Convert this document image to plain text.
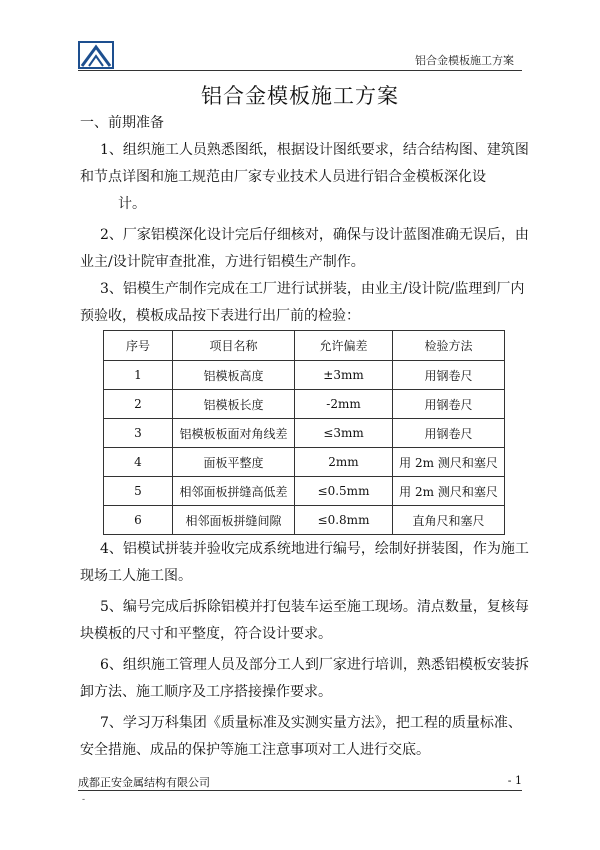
铝合金模板施工方案
铝合金模板施工方案
一、前期准备
1、组织施工人员熟悉图纸，根据设计图纸要求，结合结构图、建筑图
和节点详图和施工规范由厂家专业技术人员进行铝合金模板深化设
计。
2、厂家铝模深化设计完后仔细核对，确保与设计蓝图准确无误后，由
业主/设计院审查批准，方进行铝模生产制作。
3、铝模生产制作完成在工厂进行试拼装，由业主/设计院/监理到厂内
预验收，模板成品按下表进行出厂前的检验：
序号	项目名称	允许偏差	检验方法
1	铝模板高度	±3mm	用钢卷尺
2	铝模板长度	-2mm	用钢卷尺
3	铝模板板面对角线差	≤3mm	用钢卷尺
4	面板平整度	2mm	用 2m 测尺和塞尺
5	相邻面板拼缝高低差	≤0.5mm	用 2m 测尺和塞尺
6	相邻面板拼缝间隙	≤0.8mm	直角尺和塞尺
4、铝模试拼装并验收完成系统地进行编号，绘制好拼装图，作为施工
现场工人施工图。
5、编号完成后拆除铝模并打包装车运至施工现场。清点数量，复核每
块模板的尺寸和平整度，符合设计要求。
6、组织施工管理人员及部分工人到厂家进行培训，熟悉铝模板安装拆
卸方法、施工顺序及工序搭接操作要求。
7、学习万科集团《质量标准及实测实量方法》，把工程的质量标准、
安全措施、成品的保护等施工注意事项对工人进行交底。
成都正安金属结构有限公司	- 1
-
